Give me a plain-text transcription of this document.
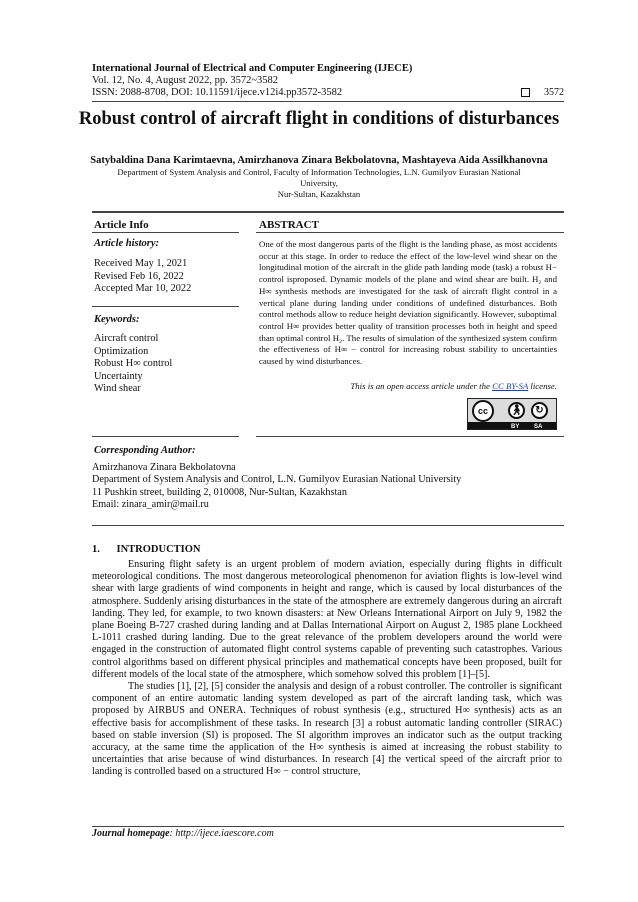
International Journal of Electrical and Computer Engineering (IJECE)
Vol. 12, No. 4, August 2022, pp. 3572~3582
ISSN: 2088-8708, DOI: 10.11591/ijece.v12i4.pp3572-3582	3572
Robust control of aircraft flight in conditions of disturbances
Satybaldina Dana Karimtaevna, Amirzhanova Zinara Bekbolatovna, Mashtayeva Aida Assilkhanovna
Department of System Analysis and Control, Faculty of Information Technologies, L.N. Gumilyov Eurasian National University,
Nur-Sultan, Kazakhstan
Article Info
Article history:
Received May 1, 2021
Revised Feb 16, 2022
Accepted Mar 10, 2022
Keywords:
Aircraft control
Optimization
Robust H∞ control
Uncertainty
Wind shear
ABSTRACT
One of the most dangerous parts of the flight is the landing phase, as most accidents occur at this stage. In order to reduce the effect of the low-level wind shear on the longitudinal motion of the aircraft in the glide path landing mode (task) a robust H− control isproposed. Dynamic models of the plane and wind shear are built. H₂ and H∞ synthesis methods are investigated for the task of aircraft flight control in a vertical plane during landing under conditions of undefined disturbances. Both control methods allow to reduce height deviation significantly. However, suboptimal control H∞ provides better quality of transition processes both in height and speed than optimal control H₂. The results of simulation of the synthesized system confirm the effectiveness of H∞ − control for increasing robust stability to uncertainties caused by wind disturbances.
This is an open access article under the CC BY-SA license.
cc	🚶︎	↻
BY SA
Corresponding Author:
Amirzhanova Zinara Bekbolatovna
Department of System Analysis and Control, L.N. Gumilyov Eurasian National University
11 Pushkin street, building 2, 010008, Nur-Sultan, Kazakhstan
Email: zinara_amir@mail.ru
1. INTRODUCTION

Ensuring flight safety is an urgent problem of modern aviation, especially during flights in difficult meteorological conditions. The most dangerous meteorological phenomenon for aviation flights is low-level wind shear with large gradients of wind components in height and range, which is caused by local disturbances of the atmosphere. Suddenly arising disturbances in the state of the atmosphere are extremely dangerous during an aircraft landing. They led, for example, to two known disasters: at New Orleans International Airport on July 9, 1982 the plane Boeing B-727 crashed during landing and at Dallas International Airport on August 2, 1985 plane Lockheed L-1011 crashed during landing. Due to the great relevance of the problem developers around the world were engaged in the construction of automated flight control systems capable of preventing such catastrophes. Various control algorithms based on different physical principles and mathematical concepts have been proposed, built for different models of the local state of the atmosphere, which somehow solved this problem [1]–[5].

The studies [1], [2], [5] consider the analysis and design of a robust controller. The controller is significant component of an entire automatic landing system developed as part of the aircraft landing task, which was proposed by AIRBUS and ONERA. Techniques of robust synthesis (e.g., structured H∞ synthesis) acts as an effective basis for accomplishment of these tasks. In research [3] a robust automatic landing controller (SIRAC) based on stable inversion (SI) is proposed. The SI algorithm improves an indicator such as the output tracking accuracy, at the same time the application of the H∞ synthesis is aimed at increasing the robust stability to uncertainties that arise because of wind disturbances. In research [4] the vertical speed of the aircraft prior to landing is controlled based on a structured H∞ − control structure,

Journal homepage: http://ijece.iaescore.com
